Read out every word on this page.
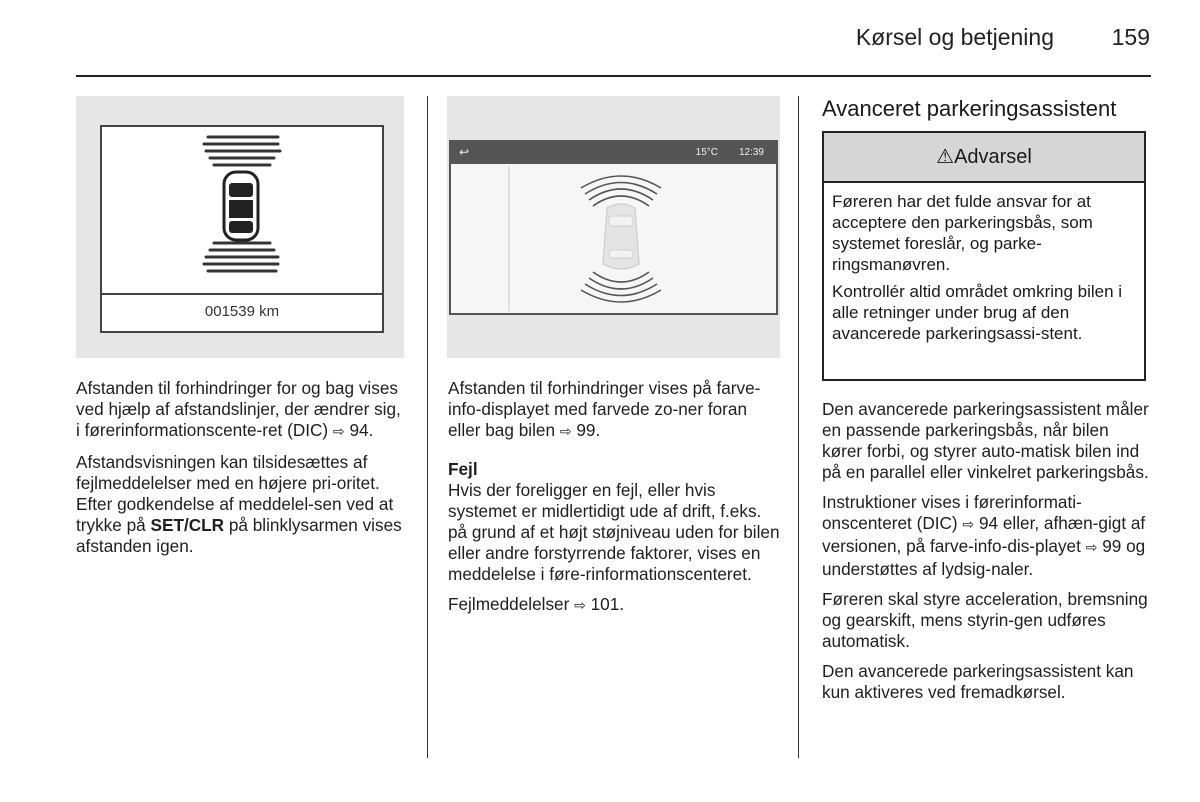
Kørsel og betjening	159
001539 km
↩	15°C 12:39

Afstanden til forhindringer for og bag vises ved hjælp af afstandslinjer, der ændrer sig, i førerinformationscente-ret (DIC) ⇨ 94.

Afstandsvisningen kan tilsidesættes af fejlmeddelelser med en højere pri-oritet. Efter godkendelse af meddelel-sen ved at trykke på SET/CLR på blinklysarmen vises afstanden igen.

Afstanden til forhindringer vises på farve-info-displayet med farvede zo-ner foran eller bag bilen ⇨ 99.

Fejl

Hvis der foreligger en fejl, eller hvis systemet er midlertidigt ude af drift, f.eks. på grund af et højt støjniveau uden for bilen eller andre forstyrrende faktorer, vises en meddelelse i føre-rinformationscenteret.

Fejlmeddelelser ⇨ 101.

Avanceret parkeringsassistent
⚠Advarsel

Føreren har det fulde ansvar for at acceptere den parkeringsbås, som systemet foreslår, og parke-ringsmanøvren.

Kontrollér altid området omkring bilen i alle retninger under brug af den avancerede parkeringsassi-stent.

Den avancerede parkeringsassistent måler en passende parkeringsbås, når bilen kører forbi, og styrer auto-matisk bilen ind på en parallel eller vinkelret parkeringsbås.

Instruktioner vises i førerinformati-onscenteret (DIC) ⇨ 94 eller, afhæn-gigt af versionen, på farve-info-dis-playet ⇨ 99 og understøttes af lydsig-naler.

Føreren skal styre acceleration, bremsning og gearskift, mens styrin-gen udføres automatisk.

Den avancerede parkeringsassistent kan kun aktiveres ved fremadkørsel.
